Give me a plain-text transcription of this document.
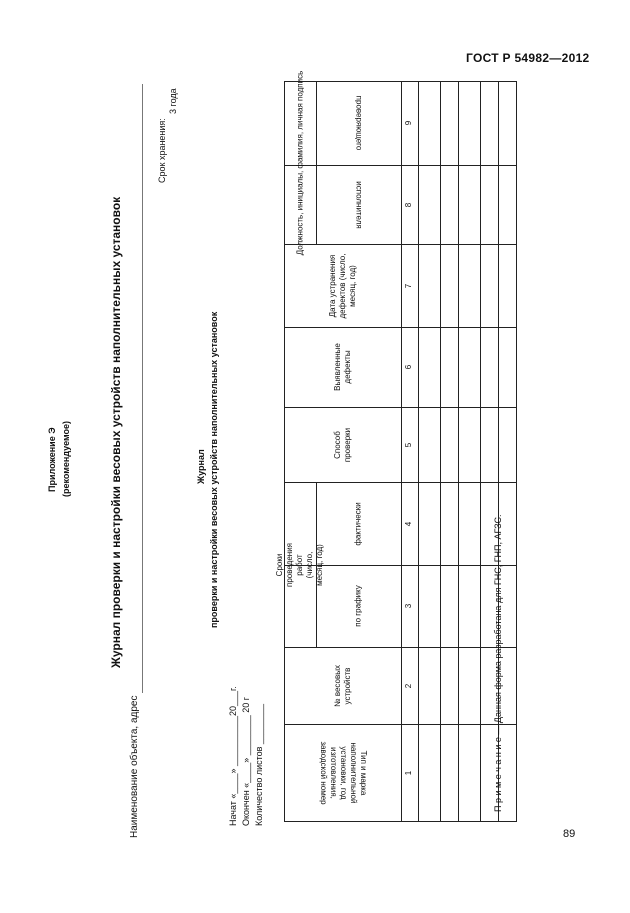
ГОСТ Р 54982—2012
Приложение Э (рекомендуемое)	Журнал проверки и настройки весовых устройств наполнительных установок
Наименование объекта, адрес
Срок хранения:
3 года
Начат «____» __________20___г. Окончен «____» ________ 20 г Количество листов ________
Журнал проверки и настройки весовых устройств наполнительных установок
проверяющего
исполнителя
Должность, инициалы, фамилия, личная подпись
Дата устранения дефектов (число, месяц, год)
Выявленные дефекты
Способ проверки
Сроки проведения работ (число, месяц, год)
фактически
по графику
№ весовых устройств
Тип и марка наполнительной установки, год изготовления, заводской номер
9
8
7
6
5
4
3
2
1	П р и м е ч а н и е — Данная форма разработана для ГНС, ГНП, АГЗС.
89
